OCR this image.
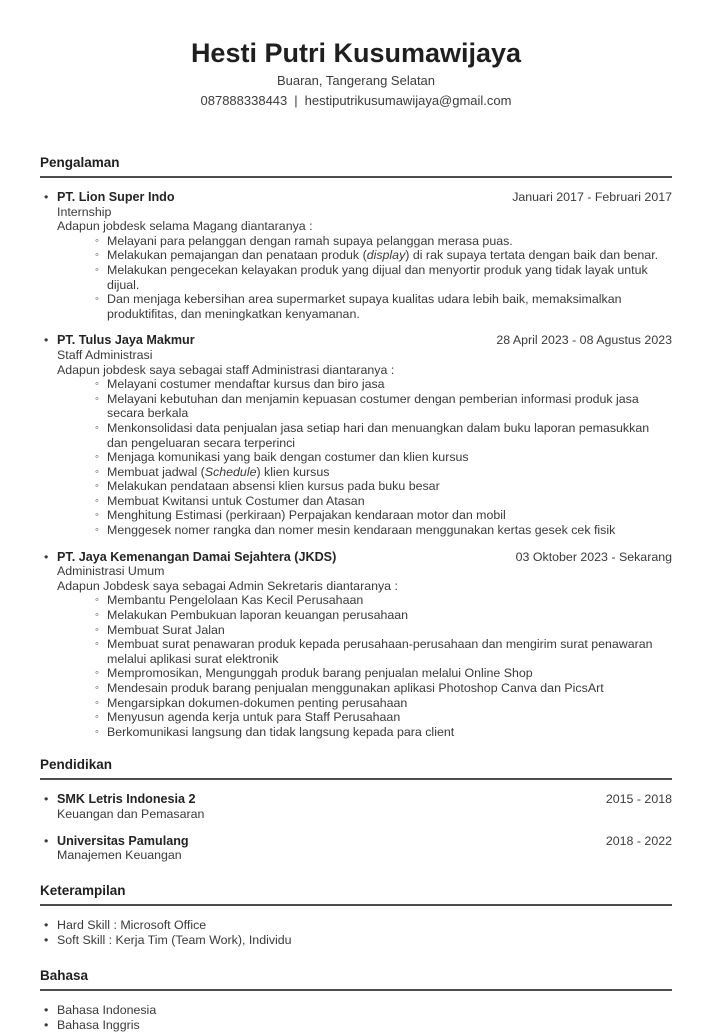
Hesti Putri Kusumawijaya
Buaran, Tangerang Selatan
087888338443 | hestiputrikusumawijaya@gmail.com
Pengalaman
• PT. Lion Super Indo	Januari 2017 - Februari 2017
Internship
Adapun jobdesk selama Magang diantaranya :
◦ Melayani para pelanggan dengan ramah supaya pelanggan merasa puas.
◦ Melakukan pemajangan dan penataan produk (display) di rak supaya tertata dengan baik dan benar.
◦ Melakukan pengecekan kelayakan produk yang dijual dan menyortir produk yang tidak layak untuk dijual.
◦ Dan menjaga kebersihan area supermarket supaya kualitas udara lebih baik, memaksimalkan produktifitas, dan meningkatkan kenyamanan.
• PT. Tulus Jaya Makmur	28 April 2023 - 08 Agustus 2023
Staff Administrasi
Adapun jobdesk saya sebagai staff Administrasi diantaranya :
◦ Melayani costumer mendaftar kursus dan biro jasa
◦ Melayani kebutuhan dan menjamin kepuasan costumer dengan pemberian informasi produk jasa secara berkala
◦ Menkonsolidasi data penjualan jasa setiap hari dan menuangkan dalam buku laporan pemasukkan dan pengeluaran secara terperinci
◦ Menjaga komunikasi yang baik dengan costumer dan klien kursus
◦ Membuat jadwal (Schedule) klien kursus
◦ Melakukan pendataan absensi klien kursus pada buku besar
◦ Membuat Kwitansi untuk Costumer dan Atasan
◦ Menghitung Estimasi (perkiraan) Perpajakan kendaraan motor dan mobil
◦ Menggesek nomer rangka dan nomer mesin kendaraan menggunakan kertas gesek cek fisik
• PT. Jaya Kemenangan Damai Sejahtera (JKDS)	03 Oktober 2023 - Sekarang
Administrasi Umum
Adapun Jobdesk saya sebagai Admin Sekretaris diantaranya :
◦ Membantu Pengelolaan Kas Kecil Perusahaan
◦ Melakukan Pembukuan laporan keuangan perusahaan
◦ Membuat Surat Jalan
◦ Membuat surat penawaran produk kepada perusahaan-perusahaan dan mengirim surat penawaran melalui aplikasi surat elektronik
◦ Mempromosikan, Mengunggah produk barang penjualan melalui Online Shop
◦ Mendesain produk barang penjualan menggunakan aplikasi Photoshop Canva dan PicsArt
◦ Mengarsipkan dokumen-dokumen penting perusahaan
◦ Menyusun agenda kerja untuk para Staff Perusahaan
◦ Berkomunikasi langsung dan tidak langsung kepada para client
Pendidikan
• SMK Letris Indonesia 2	2015 - 2018
Keuangan dan Pemasaran
• Universitas Pamulang	2018 - 2022
Manajemen Keuangan
Keterampilan
• Hard Skill : Microsoft Office
• Soft Skill : Kerja Tim (Team Work), Individu
Bahasa
• Bahasa Indonesia
• Bahasa Inggris
